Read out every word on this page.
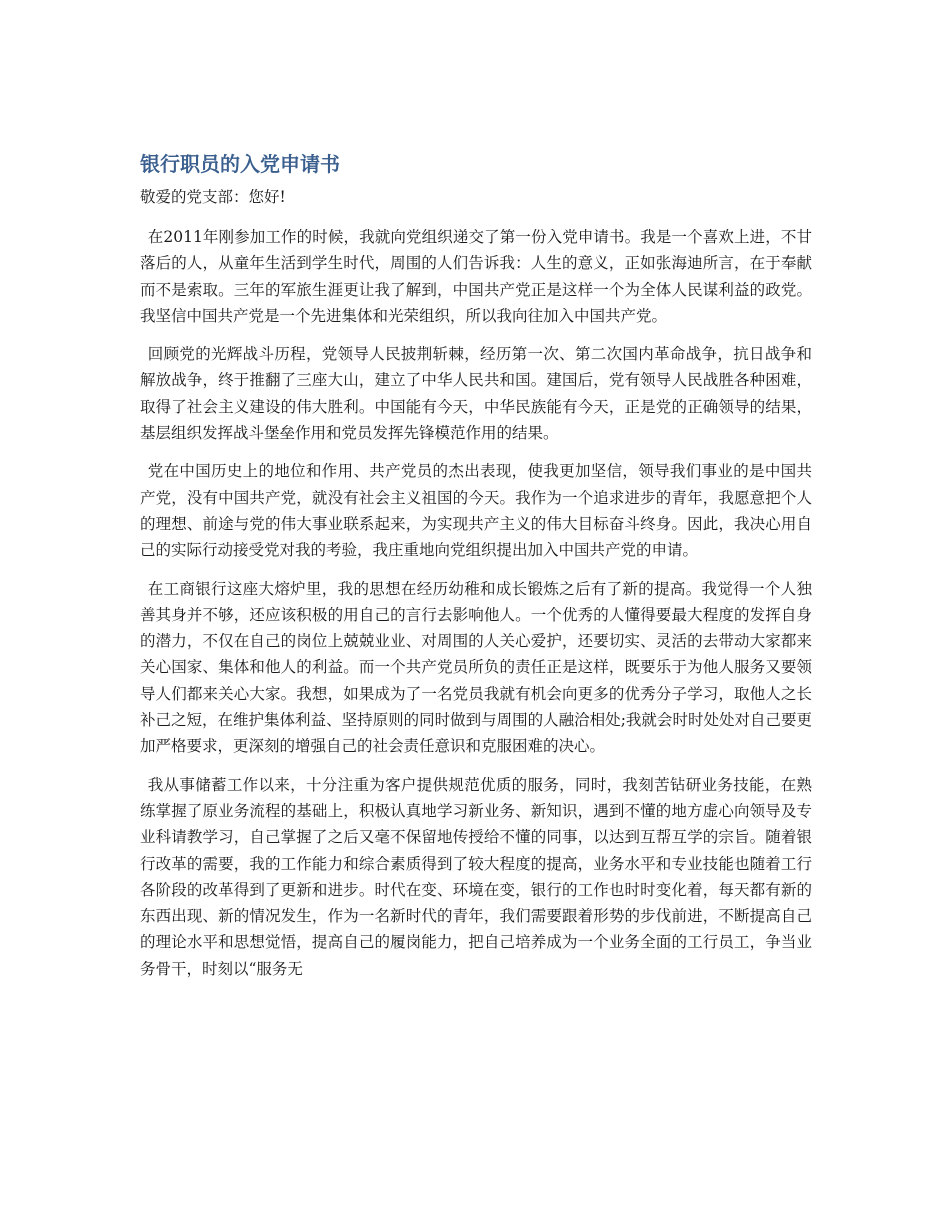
银行职员的入党申请书

敬爱的党支部：您好!

在2011年刚参加工作的时候，我就向党组织递交了第一份入党申请书。我是一个喜欢上进，不甘落后的人，从童年生活到学生时代，周围的人们告诉我：人生的意义，正如张海迪所言，在于奉献而不是索取。三年的军旅生涯更让我了解到，中国共产党正是这样一个为全体人民谋利益的政党。我坚信中国共产党是一个先进集体和光荣组织，所以我向往加入中国共产党。

回顾党的光辉战斗历程，党领导人民披荆斩棘，经历第一次、第二次国内革命战争，抗日战争和解放战争，终于推翻了三座大山，建立了中华人民共和国。建国后，党有领导人民战胜各种困难，取得了社会主义建设的伟大胜利。中国能有今天，中华民族能有今天，正是党的正确领导的结果，基层组织发挥战斗堡垒作用和党员发挥先锋模范作用的结果。

党在中国历史上的地位和作用、共产党员的杰出表现，使我更加坚信，领导我们事业的是中国共产党，没有中国共产党，就没有社会主义祖国的今天。我作为一个追求进步的青年，我愿意把个人的理想、前途与党的伟大事业联系起来，为实现共产主义的伟大目标奋斗终身。因此，我决心用自己的实际行动接受党对我的考验，我庄重地向党组织提出加入中国共产党的申请。

在工商银行这座大熔炉里，我的思想在经历幼稚和成长锻炼之后有了新的提高。我觉得一个人独善其身并不够，还应该积极的用自己的言行去影响他人。一个优秀的人懂得要最大程度的发挥自身的潜力，不仅在自己的岗位上兢兢业业、对周围的人关心爱护，还要切实、灵活的去带动大家都来关心国家、集体和他人的利益。而一个共产党员所负的责任正是这样，既要乐于为他人服务又要领导人们都来关心大家。我想，如果成为了一名党员我就有机会向更多的优秀分子学习，取他人之长补己之短，在维护集体利益、坚持原则的同时做到与周围的人融洽相处;我就会时时处处对自己要更加严格要求，更深刻的增强自己的社会责任意识和克服困难的决心。

我从事储蓄工作以来，十分注重为客户提供规范优质的服务，同时，我刻苦钻研业务技能，在熟练掌握了原业务流程的基础上，积极认真地学习新业务、新知识，遇到不懂的地方虚心向领导及专业科请教学习，自己掌握了之后又毫不保留地传授给不懂的同事，以达到互帮互学的宗旨。随着银行改革的需要，我的工作能力和综合素质得到了较大程度的提高，业务水平和专业技能也随着工行各阶段的改革得到了更新和进步。时代在变、环境在变，银行的工作也时时变化着，每天都有新的东西出现、新的情况发生，作为一名新时代的青年，我们需要跟着形势的步伐前进，不断提高自己的理论水平和思想觉悟，提高自己的履岗能力，把自己培养成为一个业务全面的工行员工，争当业务骨干，时刻以“服务无
